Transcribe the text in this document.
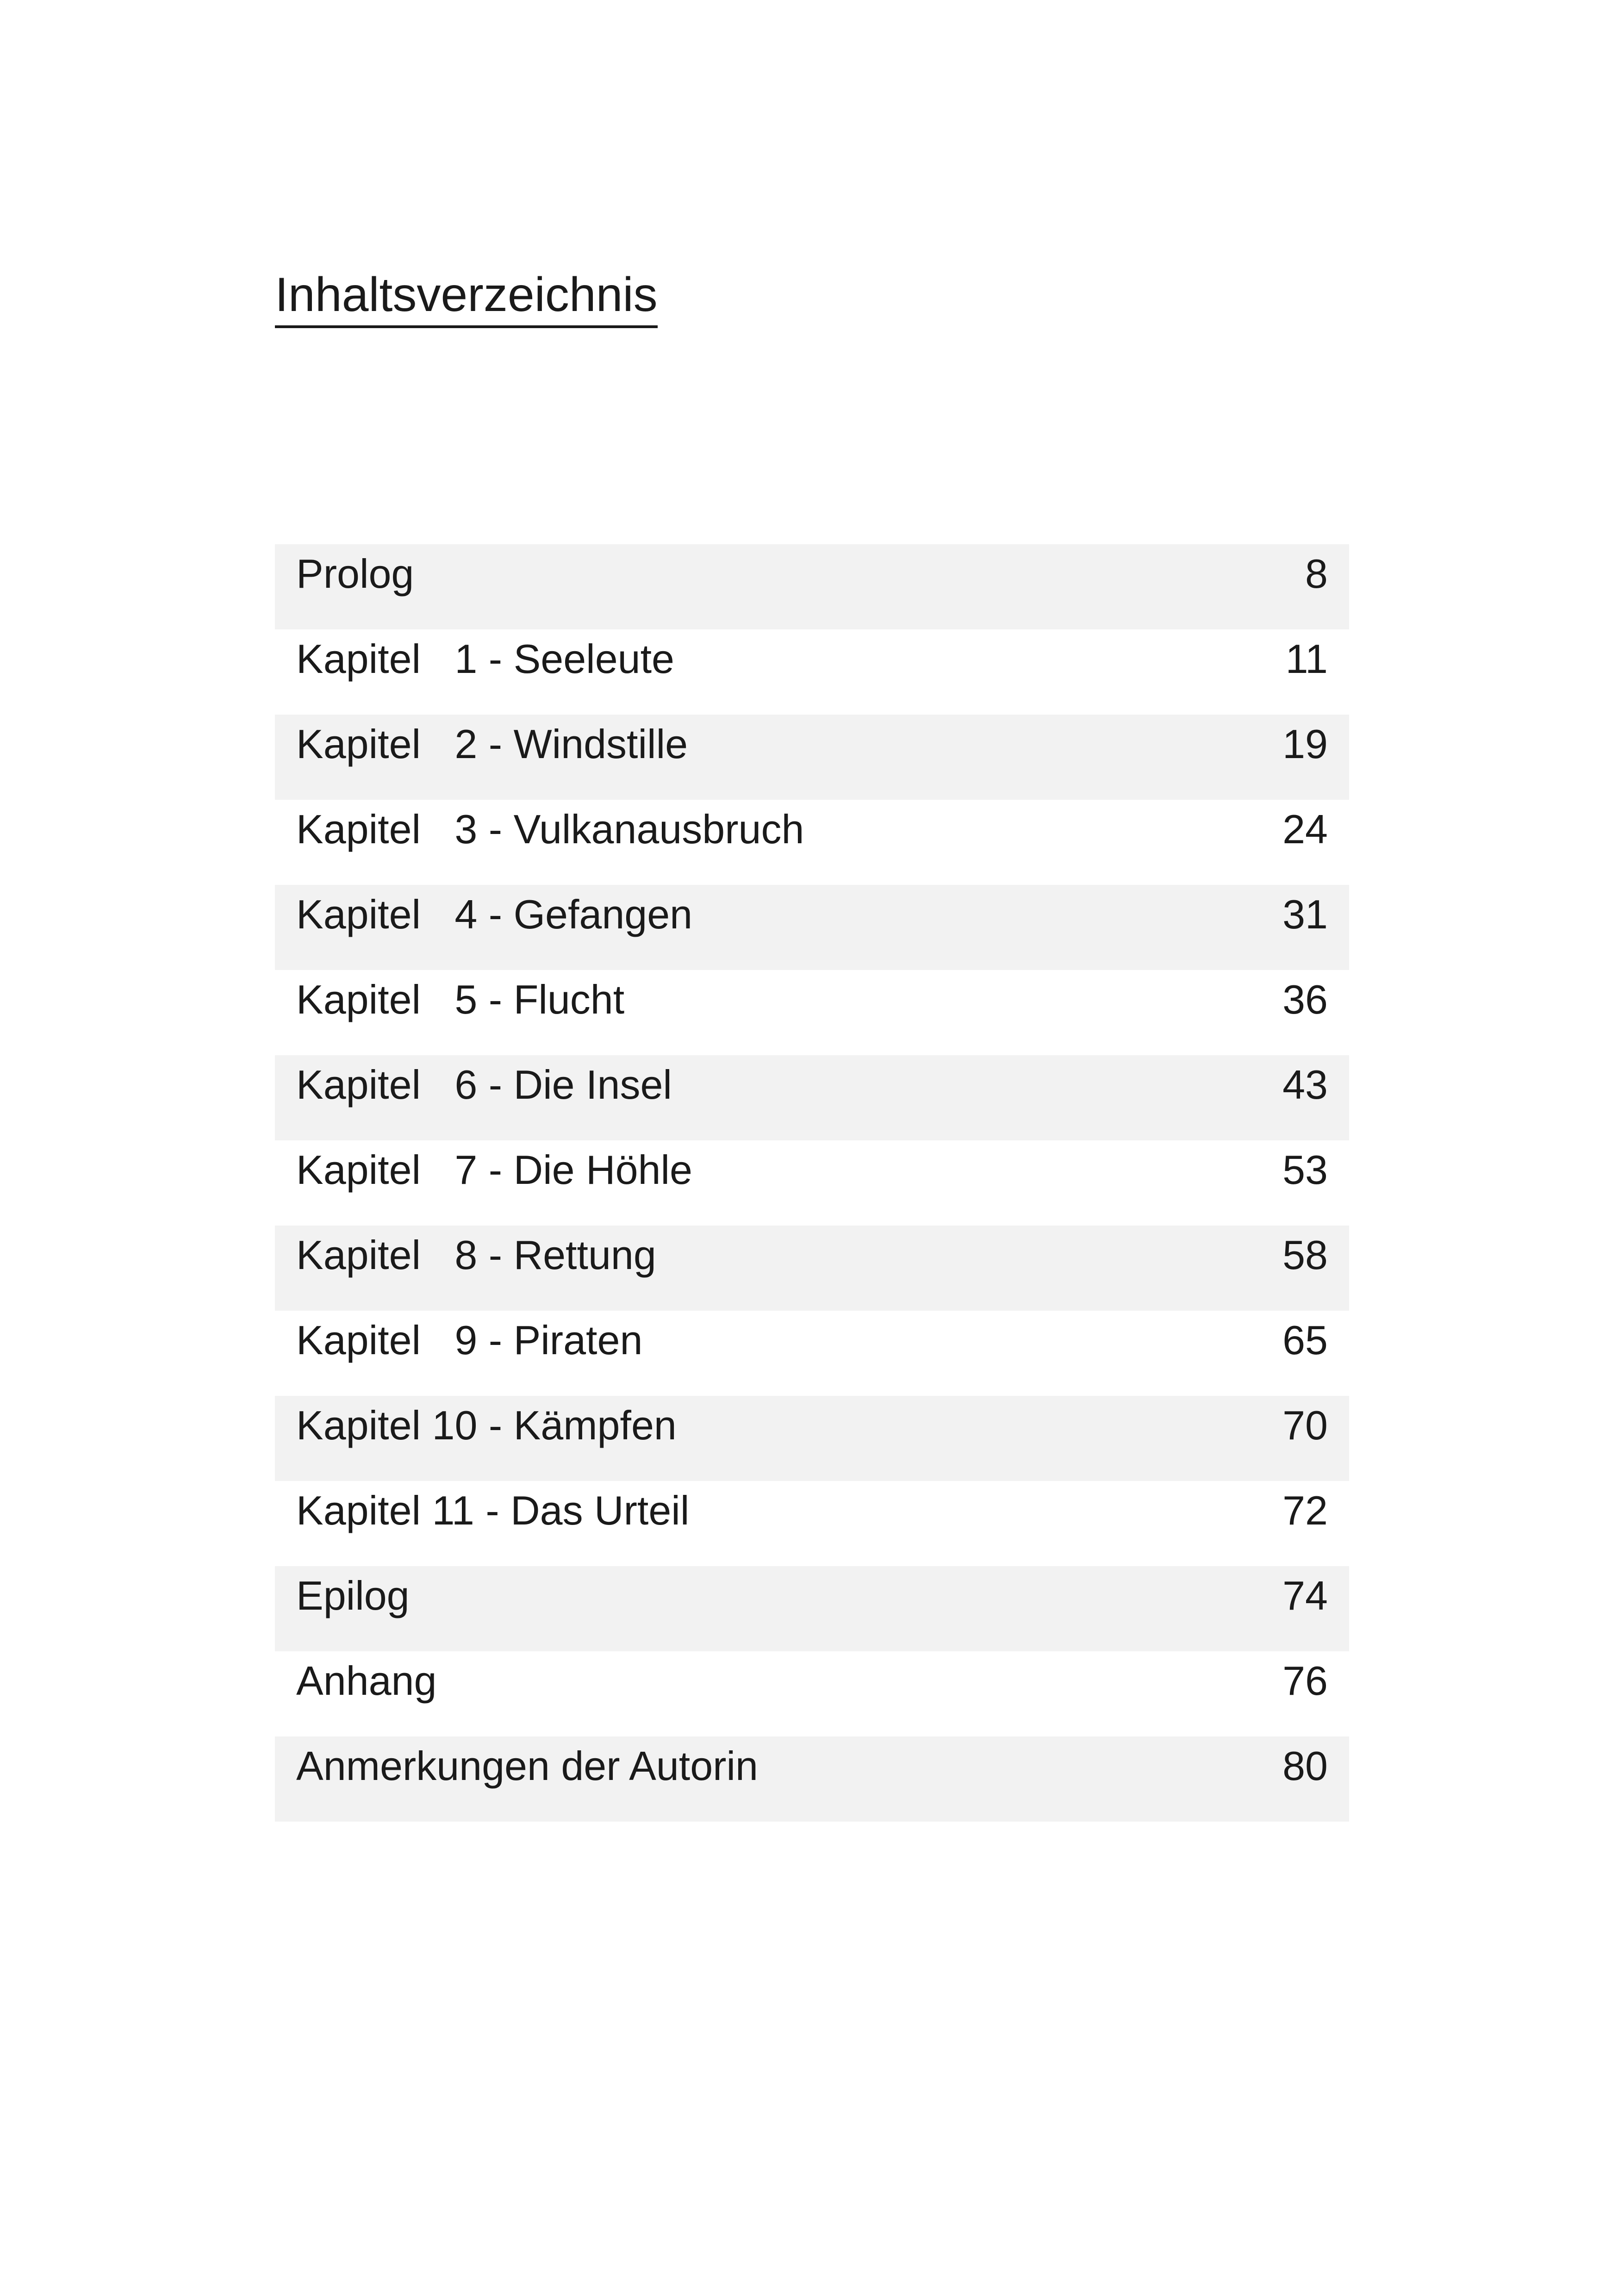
Inhaltsverzeichnis
Prolog	8
Kapitel   1 - Seeleute	11
Kapitel   2 - Windstille	19
Kapitel   3 - Vulkanausbruch	24
Kapitel   4 - Gefangen	31
Kapitel   5 - Flucht	36
Kapitel   6 - Die Insel	43
Kapitel   7 - Die Höhle	53
Kapitel   8 - Rettung	58
Kapitel   9 - Piraten	65
Kapitel 10 - Kämpfen	70
Kapitel 11 - Das Urteil	72
Epilog	74
Anhang	76
Anmerkungen der Autorin	80
